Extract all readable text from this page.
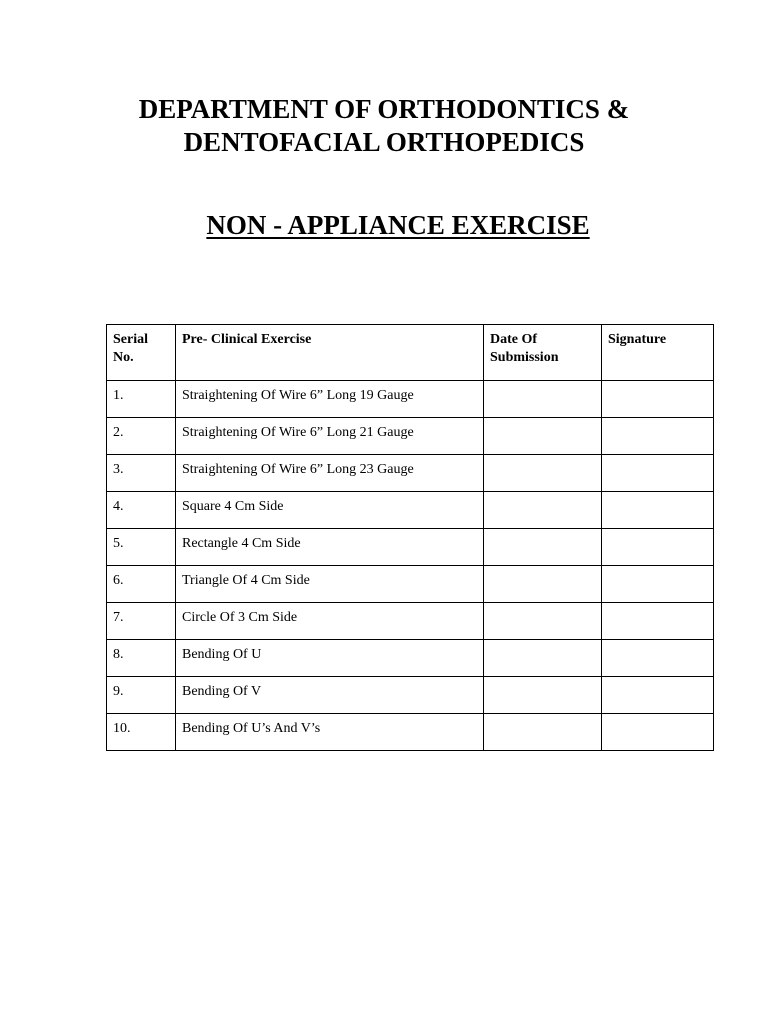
DEPARTMENT OF ORTHODONTICS &
DENTOFACIAL ORTHOPEDICS
NON - APPLIANCE EXERCISE
Serial No.	Pre- Clinical Exercise	Date Of Submission	Signature
1.	Straightening Of Wire 6” Long 19 Gauge		
2.	Straightening Of Wire 6” Long 21 Gauge		
3.	Straightening Of Wire 6” Long 23 Gauge		
4.	Square 4 Cm Side		
5.	Rectangle 4 Cm Side		
6.	Triangle Of 4 Cm Side		
7.	Circle Of 3 Cm Side		
8.	Bending Of U		
9.	Bending Of V		
10.	Bending Of U’s And V’s		
